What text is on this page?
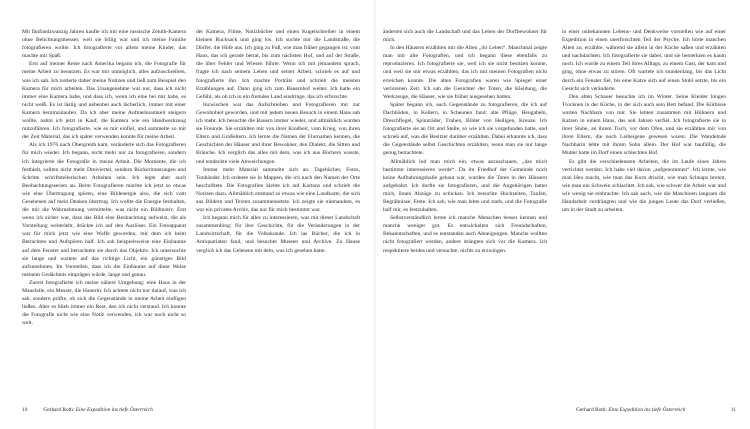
Mit fünfundzwanzig Jahren kaufte ich mir eine russische Zenith-Kamera ohne Belichtungsmesser, weil sie billig war und ich meine Familie fotografieren wollte. Ich fotografierte vor allem meine Kinder, das machte mir Spaß.

Erst auf meiner Reise nach Amerika begann ich, die Fotografie für meine Arbeit zu benutzen. Es war mir unmöglich, alles aufzuschreiben, was ich sah. Ich notierte daher meine Notizen und ließ zum Beispiel den Kamera für mich arbeiten. Das Unangenehme war nur, dass ich nicht immer eine Kamera habe, und dass ich, wenn ich eine bei mir habe, es nicht weiß. Es ist lästig und nebenbei auch lächerlich, immer mit einer Kamera herumzulaufen. Da ich aber meine Aufmerksamkeit steigern wollte, nahm ich jetzt in Kauf, die Kamera wie ein Handwerkzeug mitzuführen. Ich fotografierte, wie es mir einfiel, und sammelte so mit der Zeit Material, das ich später verwenden konnte für meine Arbeit.

Als ich 1976 nach Obergreith kam, veränderte sich das Fotografieren für mich wieder. Ich begann, nicht mehr nur zu fotografieren, sondern ich integrierte die Fotografie in meine Arbeit. Die Momente, die ich festhielt, sollten nicht mehr Dreiviertel, sondern Rückerinnerungen und Schritte schriftstellerischen Arbeiten sein. Ich legte aber auch Beobachtungsserien an. Beim Fotografieren machte ich jetzt so etwas wie eine Übertragung spüren, eine Bildenergie also, die sich vom Gesehenen auf mein Denken übertrug. Ich wollte die Energie festhalten, die mir die Wahrnehmung vermittelte, was nicht ein Bildmotiv. Erst wenn ich sicher war, dass das Bild eine Beobachtung aufweist, die als Vorstellung weiterlebt, drückte ich auf den Auslöser. Ein Fotoapparat war für mich jetzt wie eine Waffe geworden, mit dem ich beim Betrachten und Aufspüren half. Ich sah beispielsweise eine Einbaume auf dem Fenster und betrachtete sie durch das Objektiv. Ich untersuchte sie lange und wartete auf das richtige Licht, ein günstiges Bild aufzunehmen. Im Vorstellen, dass ich die Einbaume auf diese Weise meinem Gedächtnis einprägen würde, lange und genau.

Zuerst fotografierte ich meine nähere Umgebung: eine Haus in der Mausfalle, ein Messer, die Hauerin. Ich achtete nicht nur darauf, was ich sah, sondern prüfte, ob sich die Gegenstände in meine Arbeit einfügen ließen. Aber es blieb immer ein Rest, den ich nicht verstand. Ich konnte die Fotografie nicht wie eine Notiz verwenden, ich war noch nicht so weit.

der Kamera, Filme, Notizbücher und einen Kugelschreiber in einem kleinen Rucksack und ging los. Ich suchte mir die Landstraße, die Dörfer, die Höfe aus. Ich ging zu Fuß, wie man früher gegangen ist, vom Haus, das ich gerade betrat, bis zum nächsten Hof, und auf der Straße, die über Felder und Wiesen führte. Wenn ich mit jemandem sprach, fragte ich nach seinem Leben und seiner Arbeit, schrieb es auf und fotografierte ihn. Ich machte Porträts und schrieb die meisten Erzählungen auf. Dann ging ich zum Bauernhof weiter. Ich hatte ein Gefühl, als ob ich in ein fremdes Land eindringe, das ich erforschte.

Inzwischen war das Aufschreiben und Fotografieren mir zur Gewohnheit geworden, und mit jedem neuen Besuch in einem Haus sah ich mehr. Ich besuchte die Bauern immer wieder, und allmählich wurden sie Freunde. Sie erzählten mir von ihrer Kindheit, vom Krieg, von ihren Eltern und Großeltern. Ich lernte die Namen der Flurnamen kennen, die Geschichten der Häuser und ihrer Bewohner, den Dialekt, die Sitten und Bräuche. Ich verglich das alles mit dem, was ich aus Büchern wusste, und entdeckte viele Abweichungen.

Immer mehr Material sammelte sich an. Tagebücher, Fotos, Tonbänder. Ich ordnete sie in Mappen, die ich nach den Namen der Orte beschriftete. Die Fotografien klebte ich auf Kartons und schrieb die Notizen dazu. Allmählich entstand so etwas wie eine Landkarte, die sich aus Bildern und Texten zusammensetzte. Ich zeigte sie niemandem, es war ein privates Archiv, das nur für mich bestimmt war.

Ich begann mich für alles zu interessieren, was mit dieser Landschaft zusammenhing: für ihre Geschichte, für die Veränderungen in der Landwirtschaft, für die Volkskunde. Ich las Bücher, die ich in Antiquariaten fand, und besuchte Museen und Archive. Zu Hause verglich ich das Gelesene mit dem, was ich gesehen hatte.

10	Gerhard Roth: Eine Expedition ins tiefe Österreich

änderten sich auch die Landschaft und das Leben der Dorfbewohner für mich.

In den Häusern erzählten mir die Alten „ihr Leben“. Manchmal zeigte man mir alte Fotografien, und ich begann diese ebenfalls zu reproduzieren. Ich fotografierte sie, weil ich sie nicht besitzen konnte, und weil sie mir etwas erzählten, das ich mit meinen Fotografien nicht erreichen konnte. Die alten Fotografien waren wie Spiegel einer verlorenen Zeit. Ich sah die Gesichter der Toten, die Kleidung, die Werkzeuge, die Häuser, wie sie früher ausgesehen hatten.

Später begann ich, auch Gegenstände zu fotografieren, die ich auf Dachböden, in Kellern, in Scheunen fand: alte Pflüge, Heugabeln, Dreschflegel, Spinnräder, Truhen, Bilder von Heiligen, Kreuze. Ich fotografierte sie an Ort und Stelle, so wie ich sie vorgefunden hatte, und schrieb auf, was die Besitzer darüber erzählten. Dabei erkannte ich, dass die Gegenstände selbst Geschichten erzählten, wenn man sie nur lange genug betrachtete.

Allmählich lud man mich ein, etwas anzuschauen, „das mich bestimmt interessieren werde“. Da im Friedhof der Gemeinde noch keine Aufbahrungshalle gebaut war, wurden die Toten in den Häusern aufgebahrt. Ich durfte sie fotografieren, und die Angehörigen baten mich, ihnen Abzüge zu schicken. Ich besuchte Hochzeiten, Taufen, Begräbnisse, Feste. Ich sah, wie man lebte und starb, und die Fotografie half mir, es festzuhalten.

Selbstverständlich lernte ich manche Menschen besser kennen und manche weniger gut. Es entwickelten sich Freundschaften, Bekanntschaften, und es entstanden auch Abneigungen. Manche wollten nicht fotografiert werden, andere drängten sich vor die Kamera. Ich respektierte beides und versuchte, nichts zu erzwingen.

in einer unbekannten Lebens- und Denkweise vorstellen wie auf einer Expedition in einen unerforschten Teil der Psyche. Ich hörte manchen Alten zu, erzählte, während sie allein in der Küche saßen und erzählten und nachdachten. Ich fotografierte sie dabei, und sie bemerkten es kaum noch. Ich wurde zu einem Teil ihres Alltags, zu einem Gast, der kam und ging, ohne etwas zu stören. Oft wartete ich stundenlang, bis das Licht durch ein Fenster fiel, bis eine Katze sich auf einen Stuhl setzte, bis ein Gesicht sich veränderte.

Den alten Schauer besuchte ich im Winter. Seine Kleider hingen Trocknen in der Küche, in der sich auch sein Bett befand. Die Kürbisse warten Nachbarn von mir. Sie lebten zusammen mit Hühnern und Katzen in einem Haus, das seit Jahren verfiel. Ich fotografierte sie in ihrer Stube, an ihrem Tisch, vor dem Ofen, und sie erzählten mir von ihren Eltern, die noch Leibeigene gewesen waren. Die Wandelnde Nachbarin lebte mit ihrem Sohn allein. Der Hof war baufällig, die Mutter hatte im Dorf einen schlechten Ruf.

Es gibt die verschiedensten Arbeiten, die im Laufe eines Jahres verrichtet werden. Ich habe viel davon „aufgenommen“. Ich lernte, wie man Heu macht, wie man das Korn drischt, wie man Schnaps brennt, wie man ein Schwein schlachtet. Ich sah, wie schwer die Arbeit war und wie wenig sie einbrachte. Ich sah auch, wie die Maschinen langsam die Handarbeit verdrängten und wie die jungen Leute das Dorf verließen, um in der Stadt zu arbeiten.

Gerhard Roth: Eine Expedition ins tiefe Österreich	11
